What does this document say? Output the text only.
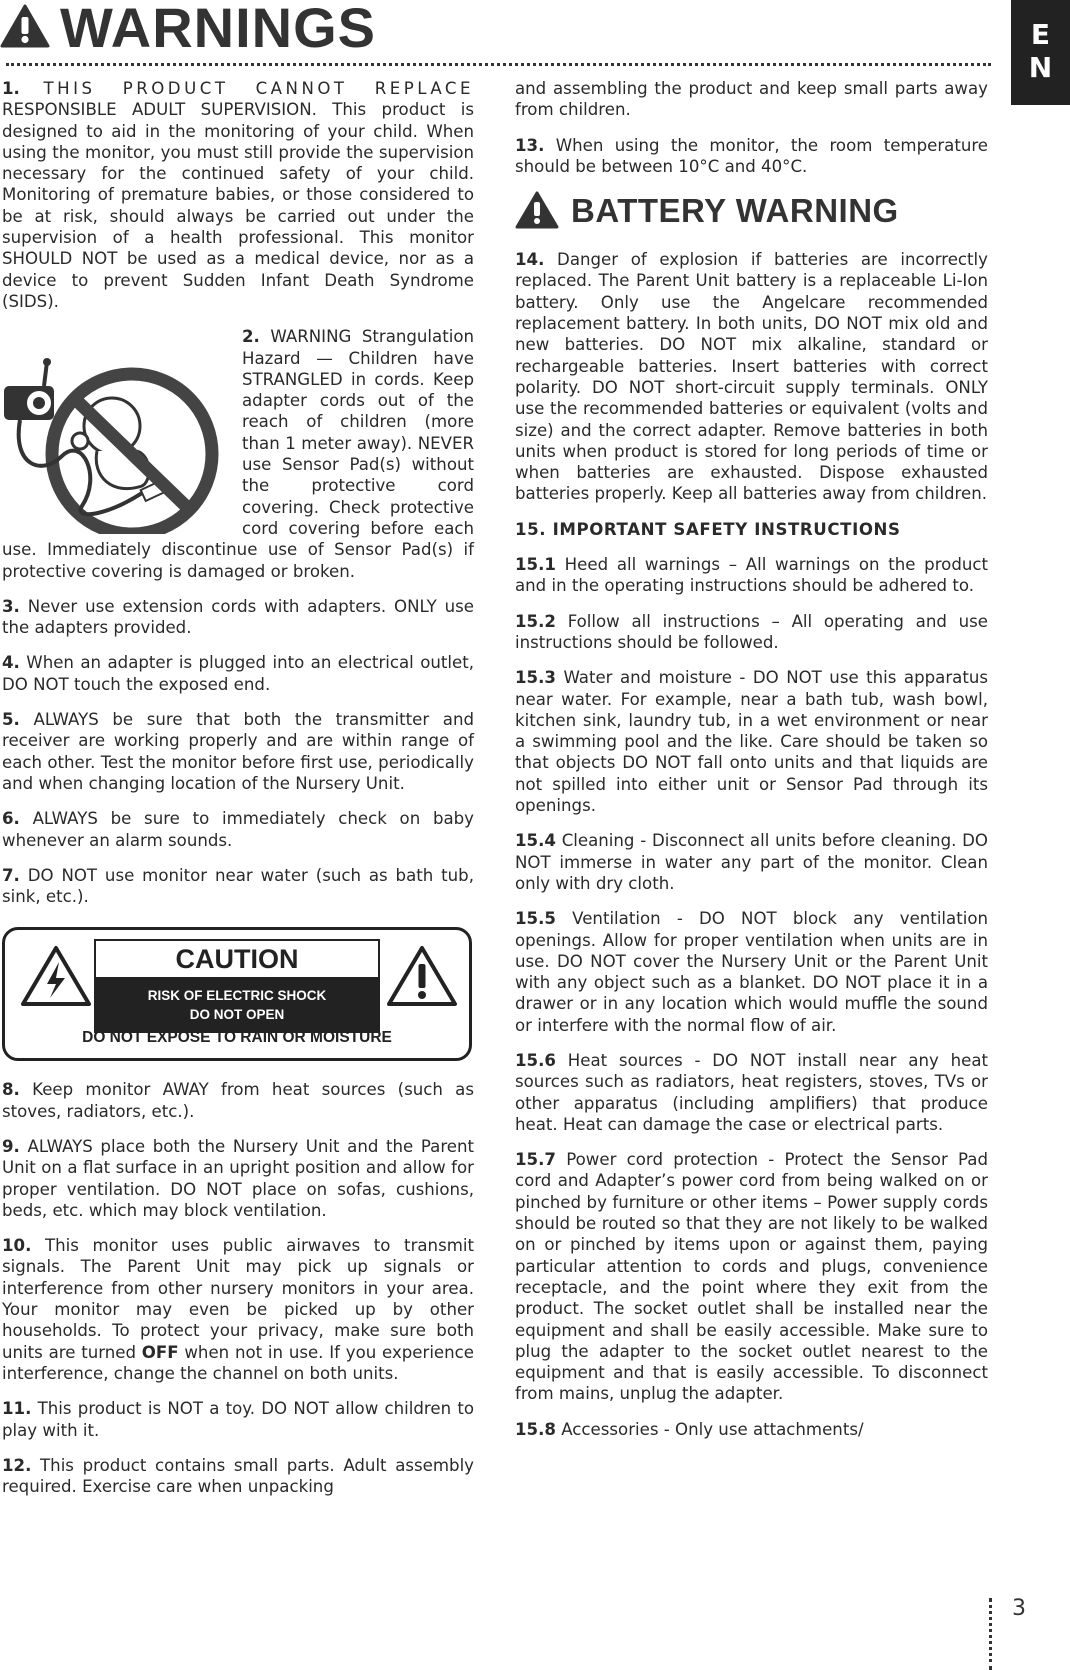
WARNINGS	E
N

1. THIS PRODUCT CANNOT REPLACE RESPONSIBLE ADULT SUPERVISION. This product is designed to aid in the monitoring of your child. When using the monitor, you must still provide the supervision necessary for the continued safety of your child. Monitoring of premature babies, or those considered to be at risk, should always be carried out under the supervision of a health professional. This monitor SHOULD NOT be used as a medical device, nor as a device to prevent Sudden Infant Death Syndrome (SIDS).

2. WARNING Strangulation Hazard — Children have STRANGLED in cords. Keep adapter cords out of the reach of children (more than 1 meter away). NEVER use Sensor Pad(s) without the protective cord covering. Check protective cord covering before each use. Immediately discontinue use of Sensor Pad(s) if protective covering is damaged or broken.

3. Never use extension cords with adapters. ONLY use the adapters provided.

4. When an adapter is plugged into an electrical outlet, DO NOT touch the exposed end.

5. ALWAYS be sure that both the transmitter and receiver are working properly and are within range of each other. Test the monitor before first use, periodically and when changing location of the Nursery Unit.

6. ALWAYS be sure to immediately check on baby whenever an alarm sounds.

7. DO NOT use monitor near water (such as bath tub, sink, etc.).

CAUTION
RISK OF ELECTRIC SHOCK
DO NOT OPEN
DO NOT EXPOSE TO RAIN OR MOISTURE

8. Keep monitor AWAY from heat sources (such as stoves, radiators, etc.).

9. ALWAYS place both the Nursery Unit and the Parent Unit on a flat surface in an upright position and allow for proper ventilation. DO NOT place on sofas, cushions, beds, etc. which may block ventilation.

10. This monitor uses public airwaves to transmit signals. The Parent Unit may pick up signals or interference from other nursery monitors in your area. Your monitor may even be picked up by other households. To protect your privacy, make sure both units are turned OFF when not in use. If you experience interference, change the channel on both units.

11. This product is NOT a toy. DO NOT allow children to play with it.

12. This product contains small parts. Adult assembly required. Exercise care when unpacking

and assembling the product and keep small parts away from children.

13. When using the monitor, the room temperature should be between 10°C and 40°C.

BATTERY WARNING

14. Danger of explosion if batteries are incorrectly replaced. The Parent Unit battery is a replaceable Li-Ion battery. Only use the Angelcare recommended replacement battery. In both units, DO NOT mix old and new batteries. DO NOT mix alkaline, standard or rechargeable batteries. Insert batteries with correct polarity. DO NOT short-circuit supply terminals. ONLY use the recommended batteries or equivalent (volts and size) and the correct adapter. Remove batteries in both units when product is stored for long periods of time or when batteries are exhausted. Dispose exhausted batteries properly. Keep all batteries away from children.

15. IMPORTANT SAFETY INSTRUCTIONS

15.1 Heed all warnings – All warnings on the product and in the operating instructions should be adhered to.

15.2 Follow all instructions – All operating and use instructions should be followed.

15.3 Water and moisture - DO NOT use this apparatus near water. For example, near a bath tub, wash bowl, kitchen sink, laundry tub, in a wet environment or near a swimming pool and the like. Care should be taken so that objects DO NOT fall onto units and that liquids are not spilled into either unit or Sensor Pad through its openings.

15.4 Cleaning - Disconnect all units before cleaning. DO NOT immerse in water any part of the monitor. Clean only with dry cloth.

15.5 Ventilation - DO NOT block any ventilation openings. Allow for proper ventilation when units are in use. DO NOT cover the Nursery Unit or the Parent Unit with any object such as a blanket. DO NOT place it in a drawer or in any location which would muffle the sound or interfere with the normal flow of air.

15.6 Heat sources - DO NOT install near any heat sources such as radiators, heat registers, stoves, TVs or other apparatus (including amplifiers) that produce heat. Heat can damage the case or electrical parts.

15.7 Power cord protection - Protect the Sensor Pad cord and Adapter’s power cord from being walked on or pinched by furniture or other items – Power supply cords should be routed so that they are not likely to be walked on or pinched by items upon or against them, paying particular attention to cords and plugs, convenience receptacle, and the point where they exit from the product. The socket outlet shall be installed near the equipment and shall be easily accessible. Make sure to plug the adapter to the socket outlet nearest to the equipment and that is easily accessible. To disconnect from mains, unplug the adapter.

15.8 Accessories - Only use attachments/

3
